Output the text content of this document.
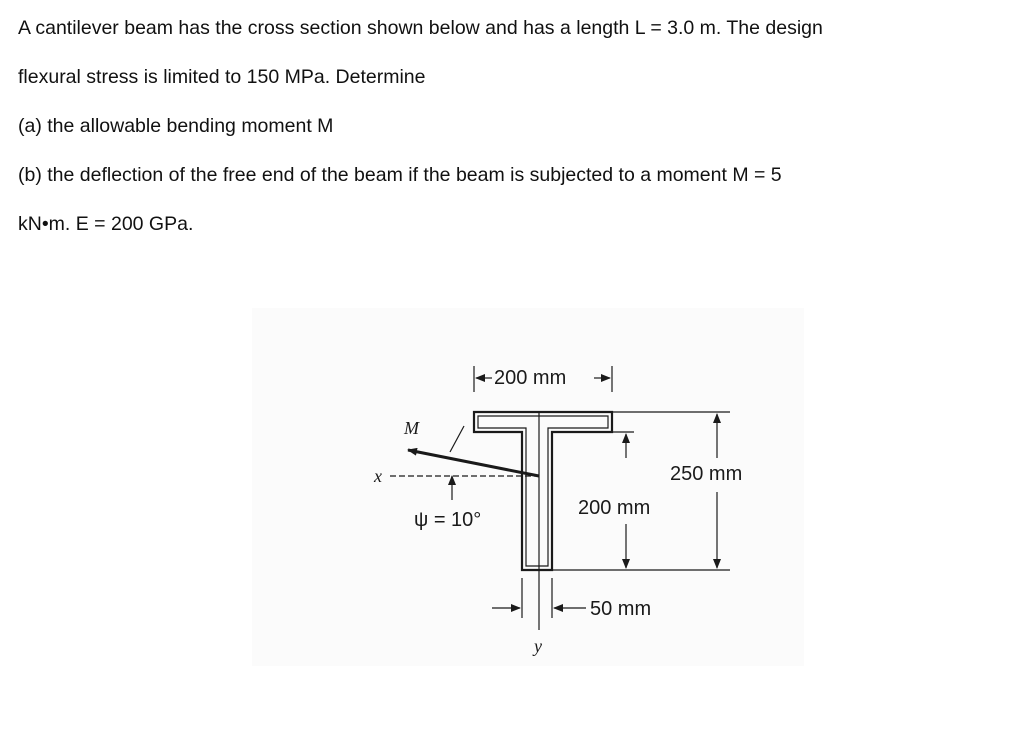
A cantilever beam has the cross section shown below and has a length L = 3.0 m. The design
flexural stress is limited to 150 MPa. Determine
(a) the allowable bending moment M
(b) the deflection of the free end of the beam if the beam is subjected to a moment M = 5
kN•m. E = 200 GPa.
y
x
M
ψ = 10°
200 mm
250 mm
200 mm
50 mm
